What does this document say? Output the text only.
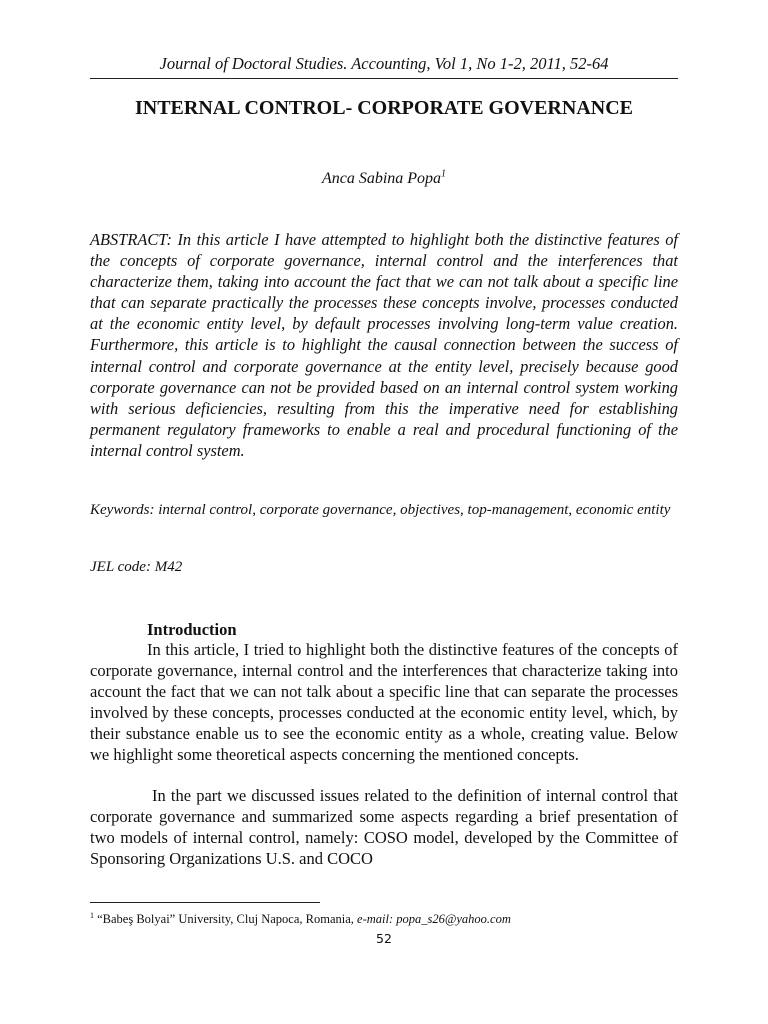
Journal of Doctoral Studies. Accounting, Vol 1, No 1-2, 2011, 52-64
INTERNAL CONTROL- CORPORATE GOVERNANCE
Anca Sabina Popa$^1$

ABSTRACT: In this article I have attempted to highlight both the distinctive features of the concepts of corporate governance, internal control and the interferences that characterize them, taking into account the fact that we can not talk about a specific line that can separate practically the processes these concepts involve, processes conducted at the economic entity level, by default processes involving long-term value creation. Furthermore, this article is to highlight the causal connection between the success of internal control and corporate governance at the entity level, precisely because good corporate governance can not be provided based on an internal control system working with serious deficiencies, resulting from this the imperative need for establishing permanent regulatory frameworks to enable a real and procedural functioning of the internal control system.

Keywords: internal control, corporate governance, objectives, top-management, economic entity

JEL code: M42
Introduction

In this article, I tried to highlight both the distinctive features of the concepts of corporate governance, internal control and the interferences that characterize taking into account the fact that we can not talk about a specific line that can separate the processes involved by these concepts, processes conducted at the economic entity level, which, by their substance enable us to see the economic entity as a whole, creating value. Below we highlight some theoretical aspects concerning the mentioned concepts.

In the part we discussed issues related to the definition of internal control that corporate governance and summarized some aspects regarding a brief presentation of two models of internal control, namely: COSO model, developed by the Committee of Sponsoring Organizations U.S. and COCO

$^1$ “Babeş Bolyai” University, Cluj Napoca, Romania, e-mail: popa_s26@yahoo.com
52
